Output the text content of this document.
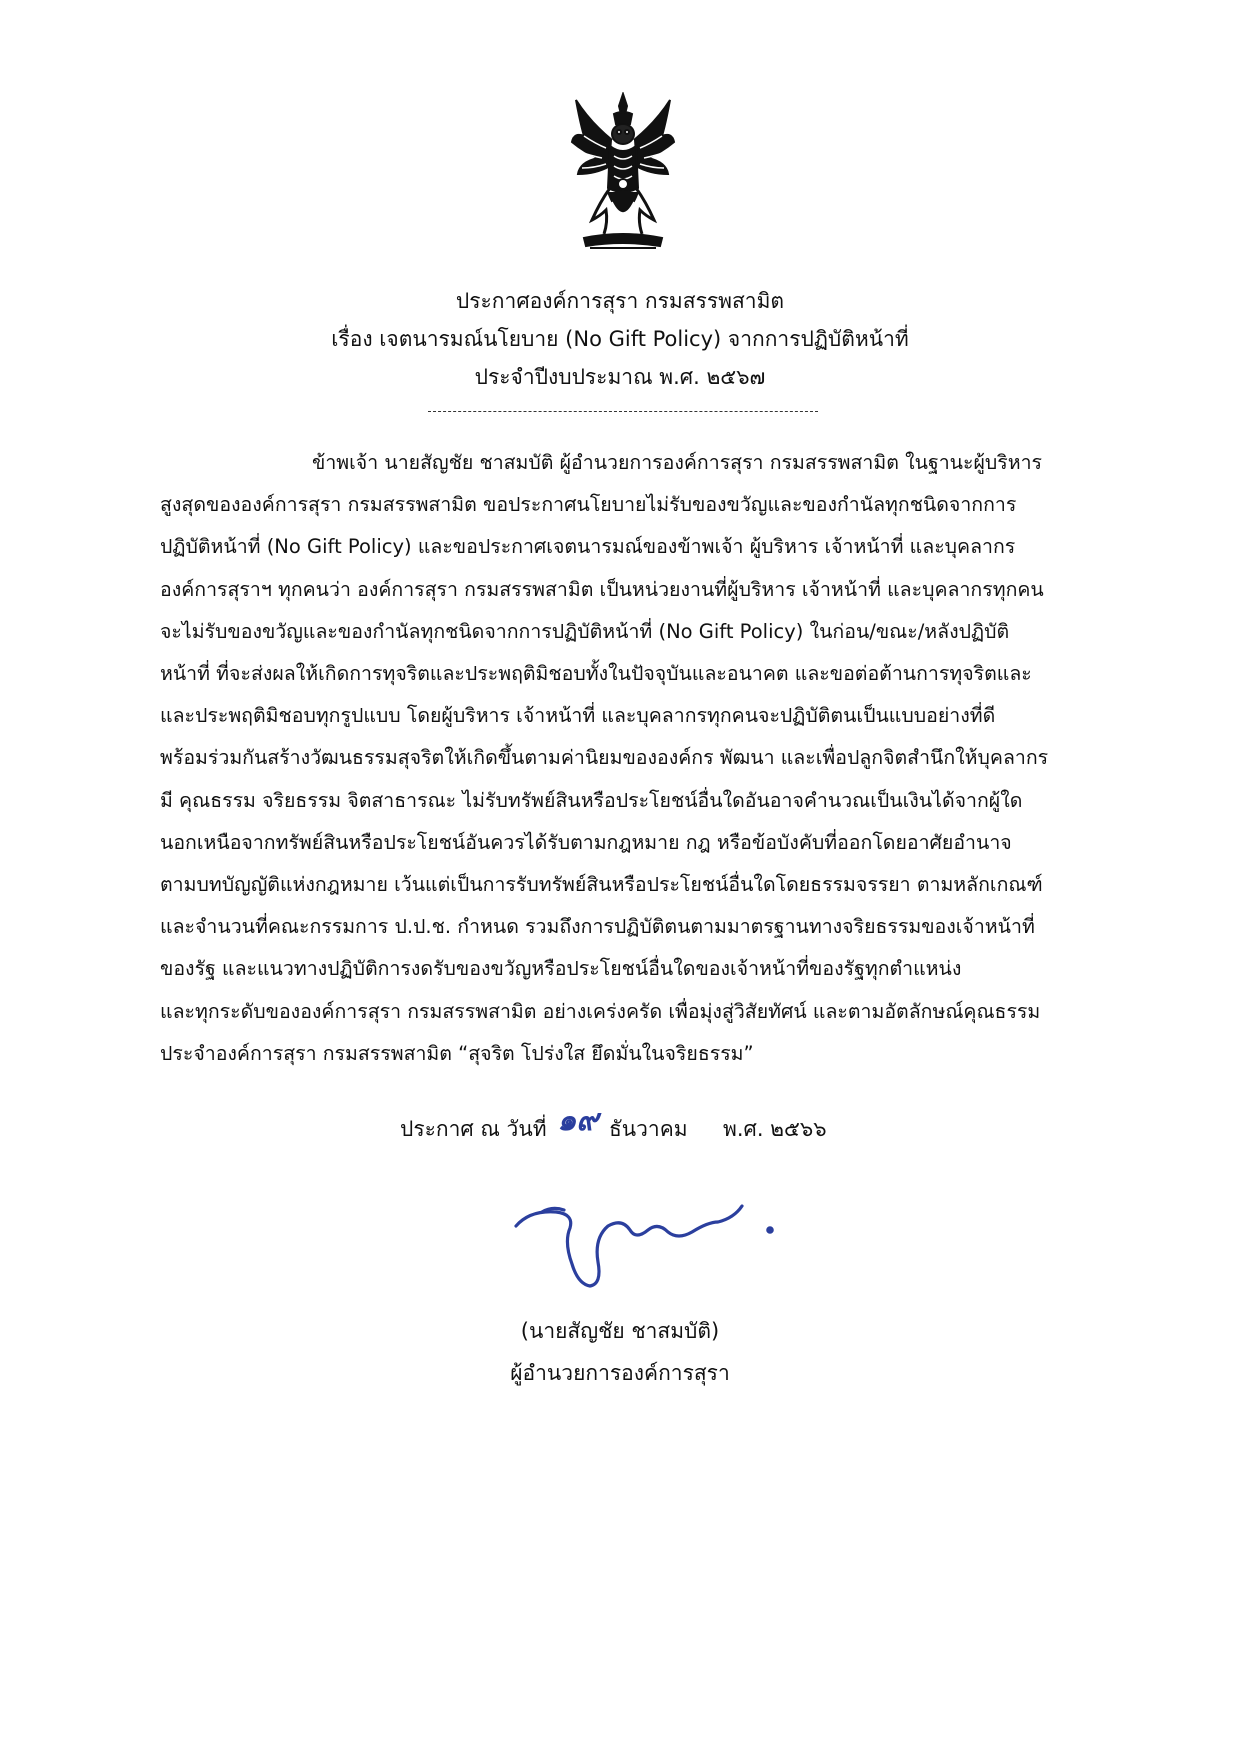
ประกาศองค์การสุรา กรมสรรพสามิต
เรื่อง เจตนารมณ์นโยบาย (No Gift Policy) จากการปฏิบัติหน้าที่
ประจำปีงบประมาณ พ.ศ. ๒๕๖๗
ข้าพเจ้า นายสัญชัย ชาสมบัติ ผู้อำนวยการองค์การสุรา กรมสรรพสามิต ในฐานะผู้บริหาร
สูงสุดขององค์การสุรา กรมสรรพสามิต ขอประกาศนโยบายไม่รับของขวัญและของกำนัลทุกชนิดจากการ
ปฏิบัติหน้าที่ (No Gift Policy) และขอประกาศเจตนารมณ์ของข้าพเจ้า ผู้บริหาร เจ้าหน้าที่ และบุคลากร
องค์การสุราฯ ทุกคนว่า องค์การสุรา กรมสรรพสามิต เป็นหน่วยงานที่ผู้บริหาร เจ้าหน้าที่ และบุคลากรทุกคน
จะไม่รับของขวัญและของกำนัลทุกชนิดจากการปฏิบัติหน้าที่ (No Gift Policy) ในก่อน/ขณะ/หลังปฏิบัติ
หน้าที่ ที่จะส่งผลให้เกิดการทุจริตและประพฤติมิชอบทั้งในปัจจุบันและอนาคต และขอต่อต้านการทุจริตและ
และประพฤติมิชอบทุกรูปแบบ โดยผู้บริหาร เจ้าหน้าที่ และบุคลากรทุกคนจะปฏิบัติตนเป็นแบบอย่างที่ดี
พร้อมร่วมกันสร้างวัฒนธรรมสุจริตให้เกิดขึ้นตามค่านิยมขององค์กร พัฒนา และเพื่อปลูกจิตสำนึกให้บุคลากร
มี คุณธรรม จริยธรรม จิตสาธารณะ ไม่รับทรัพย์สินหรือประโยชน์อื่นใดอันอาจคำนวณเป็นเงินได้จากผู้ใด
นอกเหนือจากทรัพย์สินหรือประโยชน์อันควรได้รับตามกฎหมาย กฎ หรือข้อบังคับที่ออกโดยอาศัยอำนาจ
ตามบทบัญญัติแห่งกฎหมาย เว้นแต่เป็นการรับทรัพย์สินหรือประโยชน์อื่นใดโดยธรรมจรรยา ตามหลักเกณฑ์
และจำนวนที่คณะกรรมการ ป.ป.ช. กำหนด รวมถึงการปฏิบัติตนตามมาตรฐานทางจริยธรรมของเจ้าหน้าที่
ของรัฐ และแนวทางปฏิบัติการงดรับของขวัญหรือประโยชน์อื่นใดของเจ้าหน้าที่ของรัฐทุกตำแหน่ง
และทุกระดับขององค์การสุรา กรมสรรพสามิต อย่างเคร่งครัด เพื่อมุ่งสู่วิสัยทัศน์ และตามอัตลักษณ์คุณธรรม
ประจำองค์การสุรา กรมสรรพสามิต “สุจริต โปร่งใส ยึดมั่นในจริยธรรม”
ประกาศ ณ วันที่ ๑๙ ธันวาคม พ.ศ. ๒๕๖๖
(นายสัญชัย ชาสมบัติ)
ผู้อำนวยการองค์การสุรา
